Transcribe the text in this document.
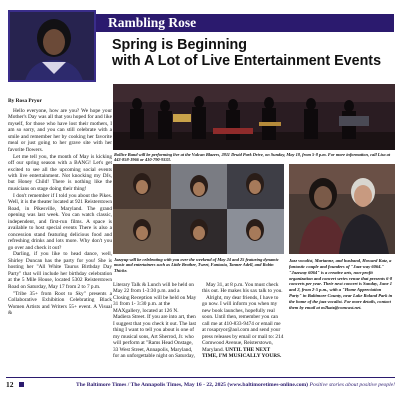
Rambling Rose
Spring is Beginning
with A Lot of Live Entertainment Events
By Rosa Pryor

Hello everyone, how are you? We hope your Mother's Day was all that you hoped for and like myself, for those who have lost their mothers, I am so sorry, and you can still celebrate with a smile and remember her by cooking her favorite meal or just going to her grave site with her favorite flowers.

Let me tell you, the month of May is kicking off our spring season with a BANG! Let's get excited to see all the upcoming social events with live entertainment. Not knocking my DJs, but Honey Child! There is nothing like the musicians on stage doing their thing!

I don't remember if I told you about the Pikes. Well, it is the theater located at 921 Reisterstown Road, in Pikesville, Maryland. The grand opening was last week. You can watch classic, independent, and first-run films. A space is available to host special events There is also a concession stand featuring delicious food and refreshing drinks and lots more. Why don't you go over and check it out?

Darling, if you like to head dance, well, Shirley Duncan has the party for you! She is hosting her "All White Taurus Birthday Day Party" that will include her birthday celebration at the 5 Mile House, located 5302 Reisterstown Road on Saturday, May 17 from 2 to 7 p.m.

"Tribe 35+ from Root to Sky" presents a Collaborative Exhibition Celebrating Black Women Artists and Writers 55+ event. A Visual &

Rollice Band will be performing live at the Vulcan Blazers, 2811 Druid Park Drive, on Sunday, May 18, from 5-8 p.m. For more information, call Lisa at 443-858-1966 or 410-790-9333.
Jazzyup will be celebrating with you over the weekend of May 24 and 25 featuring dynamic music and entertainers such as Little Brother, Tweet, Fantasia, Tanner Adell, and Robin Thicke.
Jazz vocalist, Marianne, and husband, Howard Katz, a fantastic couple and founders of "Jazz-way 6064." "Jazzway 6064" is a creative arts, non-profit organization and concert series venue that presents 6-8 concerts per year. Their next concert is Sunday, June 1 and 2, from 2-5 p.m., with a "Home Appreciation Party" in Baltimore County, near Lake Roland Park in the home of the jazz vocalist. For more details, contact them by email at m2katz@comcast.net.

Literary Talk & Lunch will be held on May 22 from 1-3:30 p.m. and a Closing Reception will be held on May 31 from 1- 3:30 p.m. at the MAXgallery, located at 126 N. Madiera Street. If you are into art, then I suggest that you check it out. The last thing I want to tell you about is one of my musical sons, Art Sherrod, Jr. who will perform at "Rams Head Onstage, 33 West Street, Annapolis, Maryland, for an unforgettable night on Saturday,

May 31, at 8 p.m. You must check this out. He makes his sax talk to you.

Alright, my dear friends, I have to go now. I will inform you when my new book launches, hopefully real soon. Until then, remember you can call me at 410-833-9474 or email me at rosapryor@aol.com and send your press releases by email or mail to: 214 Comwood Avenue, Reisterstown, Maryland. UNTIL THE NEXT TIME, I'M MUSICALLY YOURS.

12	The Baltimore Times / The Annapolis Times, May 16 - 22, 2025 (www.baltimoretimes-online.com) Positive stories about positive people!
